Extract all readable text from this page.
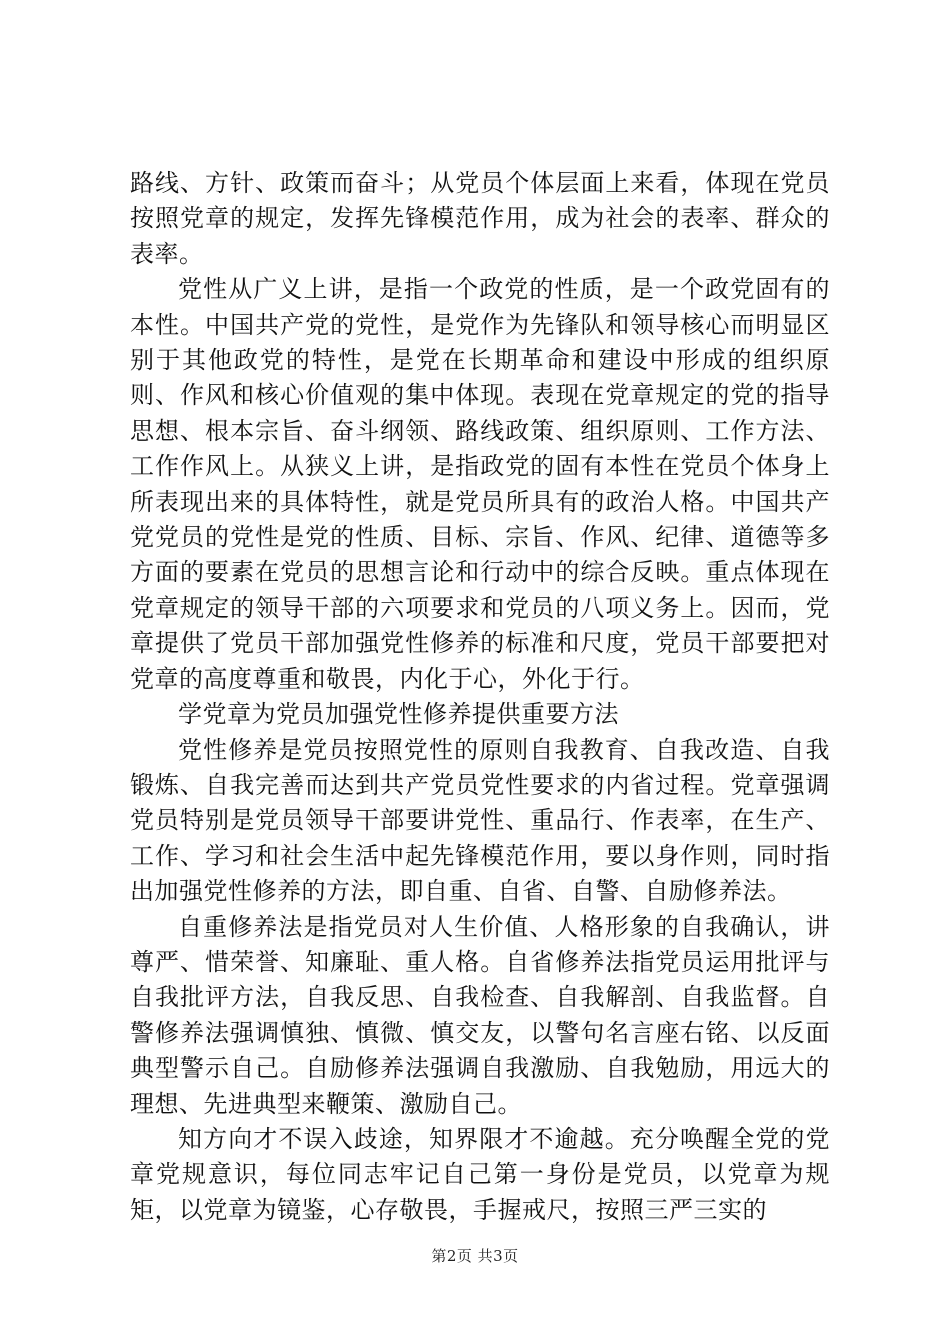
路线、方针、政策而奋斗；从党员个体层面上来看，体现在党员按照党章的规定，发挥先锋模范作用，成为社会的表率、群众的表率。

党性从广义上讲，是指一个政党的性质，是一个政党固有的本性。中国共产党的党性，是党作为先锋队和领导核心而明显区别于其他政党的特性，是党在长期革命和建设中形成的组织原则、作风和核心价值观的集中体现。表现在党章规定的党的指导思想、根本宗旨、奋斗纲领、路线政策、组织原则、工作方法、工作作风上。从狭义上讲，是指政党的固有本性在党员个体身上所表现出来的具体特性，就是党员所具有的政治人格。中国共产党党员的党性是党的性质、目标、宗旨、作风、纪律、道德等多方面的要素在党员的思想言论和行动中的综合反映。重点体现在党章规定的领导干部的六项要求和党员的八项义务上。因而，党章提供了党员干部加强党性修养的标准和尺度，党员干部要把对党章的高度尊重和敬畏，内化于心，外化于行。

学党章为党员加强党性修养提供重要方法

党性修养是党员按照党性的原则自我教育、自我改造、自我锻炼、自我完善而达到共产党员党性要求的内省过程。党章强调党员特别是党员领导干部要讲党性、重品行、作表率，在生产、工作、学习和社会生活中起先锋模范作用，要以身作则，同时指出加强党性修养的方法，即自重、自省、自警、自励修养法。

自重修养法是指党员对人生价值、人格形象的自我确认，讲尊严、惜荣誉、知廉耻、重人格。自省修养法指党员运用批评与自我批评方法，自我反思、自我检查、自我解剖、自我监督。自警修养法强调慎独、慎微、慎交友，以警句名言座右铭、以反面典型警示自己。自励修养法强调自我激励、自我勉励，用远大的理想、先进典型来鞭策、激励自己。

知方向才不误入歧途，知界限才不逾越。充分唤醒全党的党章党规意识，每位同志牢记自己第一身份是党员，以党章为规矩，以党章为镜鉴，心存敬畏，手握戒尺，按照三严三实的

第2页 共3页
